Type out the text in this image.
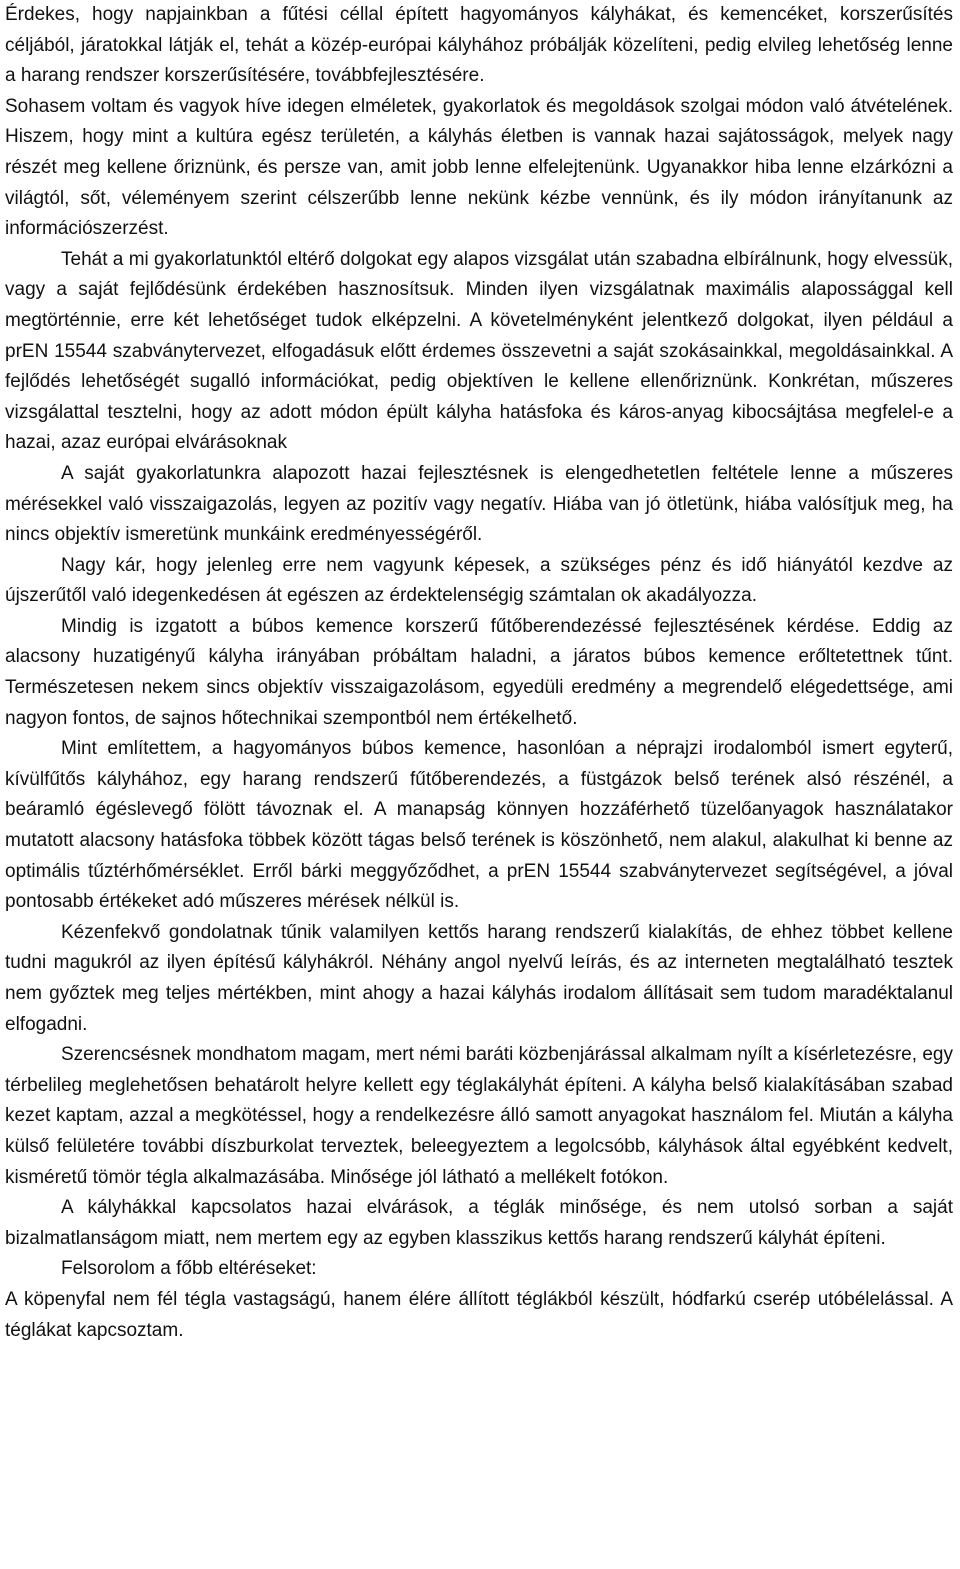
Érdekes, hogy napjainkban a fűtési céllal épített hagyományos kályhákat, és kemencéket, korszerűsítés céljából, járatokkal látják el, tehát a közép-európai kályhához próbálják közelíteni, pedig elvileg lehetőség lenne a harang rendszer korszerűsítésére, továbbfejlesztésére.

Sohasem voltam és vagyok híve idegen elméletek, gyakorlatok és megoldások szolgai módon való átvételének. Hiszem, hogy mint a kultúra egész területén, a kályhás életben is vannak hazai sajátosságok, melyek nagy részét meg kellene őriznünk, és persze van, amit jobb lenne elfelejtenünk. Ugyanakkor hiba lenne elzárkózni a világtól, sőt, véleményem szerint célszerűbb lenne nekünk kézbe vennünk, és ily módon irányítanunk az információszerzést.

Tehát a mi gyakorlatunktól eltérő dolgokat egy alapos vizsgálat után szabadna elbírálnunk, hogy elvessük, vagy a saját fejlődésünk érdekében hasznosítsuk. Minden ilyen vizsgálatnak maximális alapossággal kell megtörténnie, erre két lehetőséget tudok elképzelni. A követelményként jelentkező dolgokat, ilyen például a prEN 15544 szabványtervezet, elfogadásuk előtt érdemes összevetni a saját szokásainkkal, megoldásainkkal. A fejlődés lehetőségét sugalló információkat, pedig objektíven le kellene ellenőriznünk. Konkrétan, műszeres vizsgálattal tesztelni, hogy az adott módon épült kályha hatásfoka és káros-anyag kibocsájtása megfelel-e a hazai, azaz európai elvárásoknak

A saját gyakorlatunkra alapozott hazai fejlesztésnek is elengedhetetlen feltétele lenne a műszeres mérésekkel való visszaigazolás, legyen az pozitív vagy negatív. Hiába van jó ötletünk, hiába valósítjuk meg, ha nincs objektív ismeretünk munkáink eredményességéről.

Nagy kár, hogy jelenleg erre nem vagyunk képesek, a szükséges pénz és idő hiányától kezdve az újszerűtől való idegenkedésen át egészen az érdektelenségig számtalan ok akadályozza.

Mindig is izgatott a búbos kemence korszerű fűtőberendezéssé fejlesztésének kérdése. Eddig az alacsony huzatigényű kályha irányában próbáltam haladni, a járatos búbos kemence erőltetettnek tűnt. Természetesen nekem sincs objektív visszaigazolásom, egyedüli eredmény a megrendelő elégedettsége, ami nagyon fontos, de sajnos hőtechnikai szempontból nem értékelhető.

Mint említettem, a hagyományos búbos kemence, hasonlóan a néprajzi irodalomból ismert egyterű, kívülfűtős kályhához, egy harang rendszerű fűtőberendezés, a füstgázok belső terének alsó részénél, a beáramló égéslevegő fölött távoznak el. A manapság könnyen hozzáférhető tüzelőanyagok használatakor mutatott alacsony hatásfoka többek között tágas belső terének is köszönhető, nem alakul, alakulhat ki benne az optimális tűztérhőmérséklet. Erről bárki meggyőződhet, a prEN 15544 szabványtervezet segítségével, a jóval pontosabb értékeket adó műszeres mérések nélkül is.

Kézenfekvő gondolatnak tűnik valamilyen kettős harang rendszerű kialakítás, de ehhez többet kellene tudni magukról az ilyen építésű kályhákról. Néhány angol nyelvű leírás, és az interneten megtalálható tesztek nem győztek meg teljes mértékben, mint ahogy a hazai kályhás irodalom állításait sem tudom maradéktalanul elfogadni.

Szerencsésnek mondhatom magam, mert némi baráti közbenjárással alkalmam nyílt a kísérletezésre, egy térbelileg meglehetősen behatárolt helyre kellett egy téglakályhát építeni. A kályha belső kialakításában szabad kezet kaptam, azzal a megkötéssel, hogy a rendelkezésre álló samott anyagokat használom fel. Miután a kályha külső felületére további díszburkolat terveztek, beleegyeztem a legolcsóbb, kályhások által egyébként kedvelt, kisméretű tömör tégla alkalmazásába. Minősége jól látható a mellékelt fotókon.

A kályhákkal kapcsolatos hazai elvárások, a téglák minősége, és nem utolsó sorban a saját bizalmatlanságom miatt, nem mertem egy az egyben klasszikus kettős harang rendszerű kályhát építeni.

Felsorolom a főbb eltéréseket:

A köpenyfal nem fél tégla vastagságú, hanem élére állított téglákból készült, hódfarkú cserép utóbélelással. A téglákat kapcsoztam.
